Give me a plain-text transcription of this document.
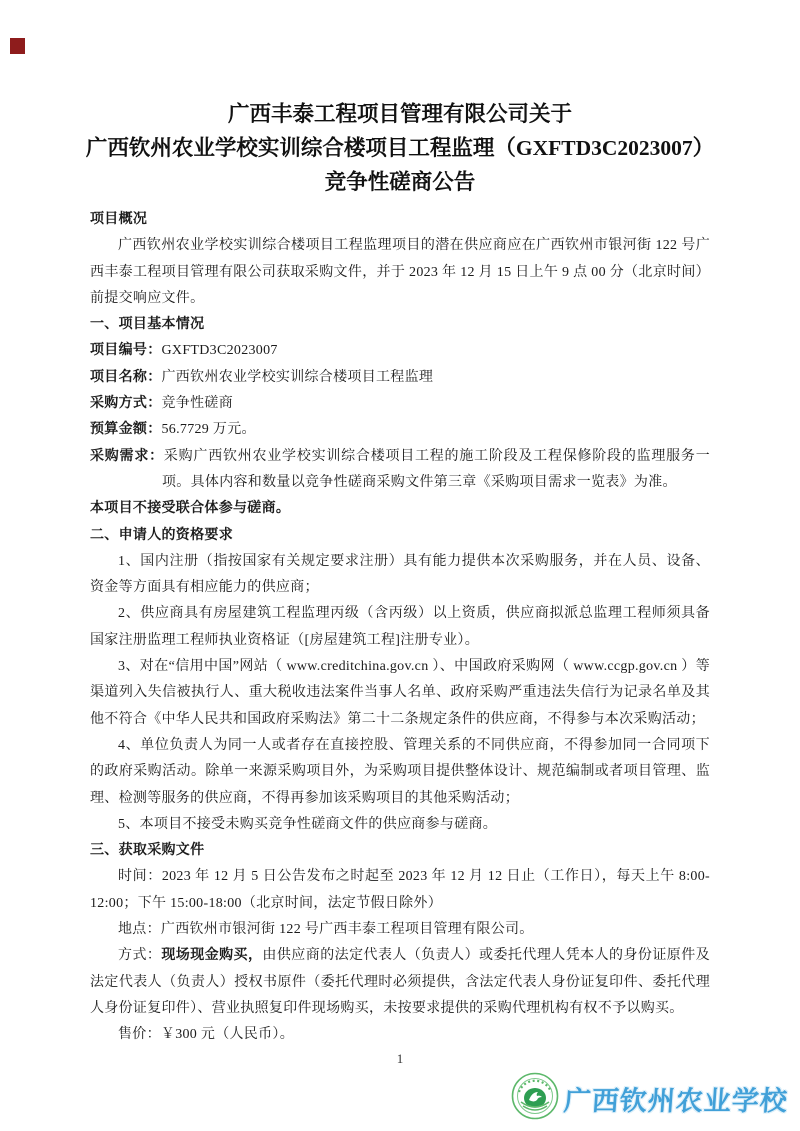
广西丰泰工程项目管理有限公司关于
广西钦州农业学校实训综合楼项目工程监理（GXFTD3C2023007）
竞争性磋商公告

项目概况

广西钦州农业学校实训综合楼项目工程监理项目的潜在供应商应在广西钦州市银河街 122 号广西丰泰工程项目管理有限公司获取采购文件，并于 2023 年 12 月 15 日上午 9 点 00 分（北京时间）前提交响应文件。

一、项目基本情况

项目编号：GXFTD3C2023007

项目名称：广西钦州农业学校实训综合楼项目工程监理

采购方式：竞争性磋商

预算金额：56.7729 万元。

采购需求：采购广西钦州农业学校实训综合楼项目工程的施工阶段及工程保修阶段的监理服务一项。具体内容和数量以竞争性磋商采购文件第三章《采购项目需求一览表》为准。

本项目不接受联合体参与磋商。

二、申请人的资格要求

1、国内注册（指按国家有关规定要求注册）具有能力提供本次采购服务，并在人员、设备、资金等方面具有相应能力的供应商；

2、供应商具有房屋建筑工程监理丙级（含丙级）以上资质，供应商拟派总监理工程师须具备国家注册监理工程师执业资格证（[房屋建筑工程]注册专业）。

3、对在“信用中国”网站（ www.creditchina.gov.cn ）、中国政府采购网（ www.ccgp.gov.cn ）等渠道列入失信被执行人、重大税收违法案件当事人名单、政府采购严重违法失信行为记录名单及其他不符合《中华人民共和国政府采购法》第二十二条规定条件的供应商，不得参与本次采购活动；

4、单位负责人为同一人或者存在直接控股、管理关系的不同供应商，不得参加同一合同项下的政府采购活动。除单一来源采购项目外，为采购项目提供整体设计、规范编制或者项目管理、监理、检测等服务的供应商，不得再参加该采购项目的其他采购活动；

5、本项目不接受未购买竞争性磋商文件的供应商参与磋商。

三、获取采购文件

时间：2023 年 12 月 5 日公告发布之时起至 2023 年 12 月 12 日止（工作日），每天上午 8:00-12:00；下午 15:00-18:00（北京时间，法定节假日除外）

地点：广西钦州市银河街 122 号广西丰泰工程项目管理有限公司。

方式：现场现金购买，由供应商的法定代表人（负责人）或委托代理人凭本人的身份证原件及法定代表人（负责人）授权书原件（委托代理时必须提供，含法定代表人身份证复印件、委托代理人身份证复印件）、营业执照复印件现场购买，未按要求提供的采购代理机构有权不予以购买。

售价：￥300 元（人民币）。

1
广西钦州农业学校
